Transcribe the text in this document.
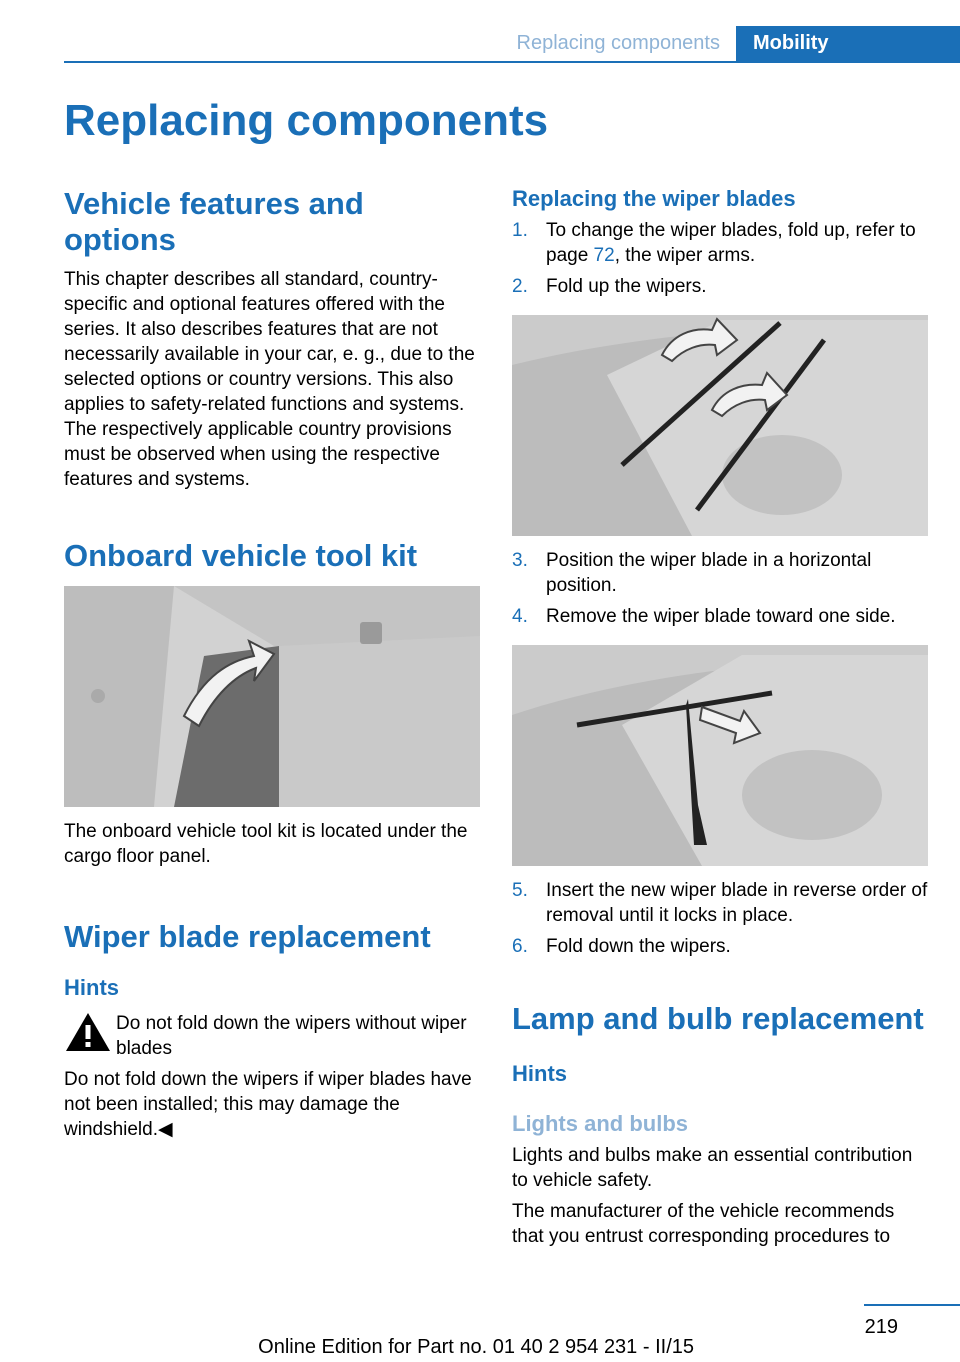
Replacing components	Mobility
Replacing components
Vehicle features and options

This chapter describes all standard, country-specific and optional features offered with the series. It also describes features that are not necessarily available in your car, e. g., due to the selected options or country versions. This also applies to safety-related functions and systems. The respectively applicable country provisions must be observed when using the respective features and systems.

Onboard vehicle tool kit

The onboard vehicle tool kit is located under the cargo floor panel.

Wiper blade replacement
Hints

Do not fold down the wipers without wiper blades

Do not fold down the wipers if wiper blades have not been installed; this may damage the windshield.◀

Replacing the wiper blades
1. To change the wiper blades, fold up, refer to page 72, the wiper arms.
2. Fold up the wipers.
3. Position the wiper blade in a horizontal position.
4. Remove the wiper blade toward one side.
5. Insert the new wiper blade in reverse order of removal until it locks in place.
6. Fold down the wipers.
Lamp and bulb replacement
Hints
Lights and bulbs

Lights and bulbs make an essential contribution to vehicle safety.

The manufacturer of the vehicle recommends that you entrust corresponding procedures to

219
Online Edition for Part no. 01 40 2 954 231 - II/15
